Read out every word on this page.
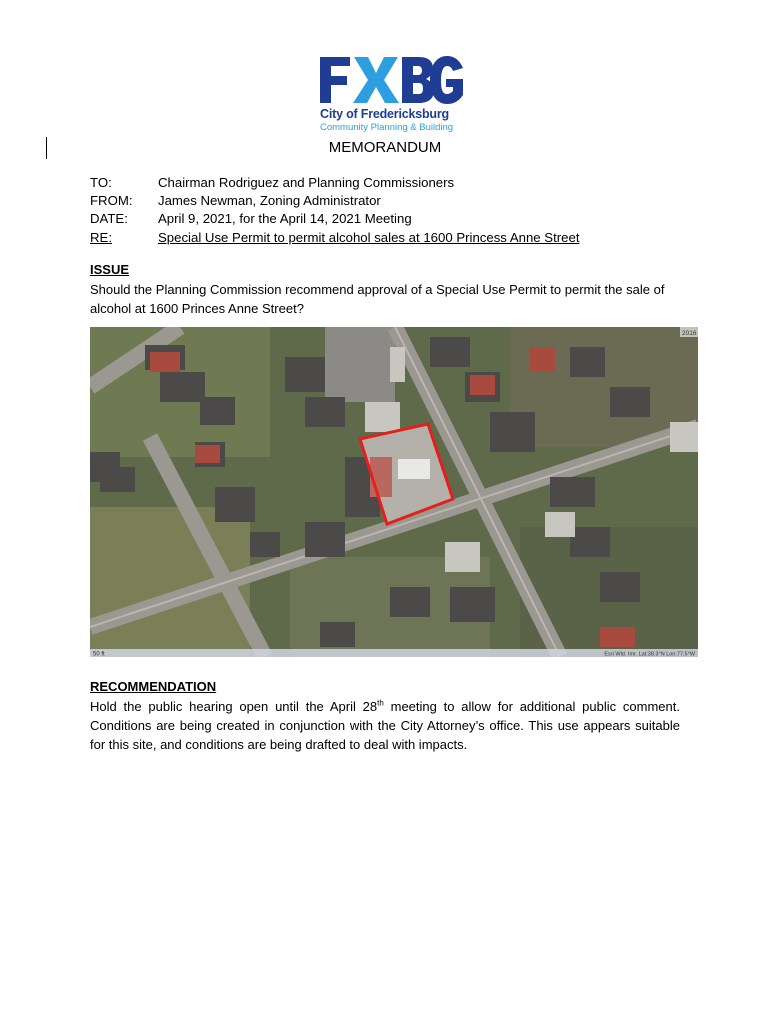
City of Fredericksburg
Community Planning & Building
MEMORANDUM
TO:	Chairman Rodriguez and Planning Commissioners
FROM: James Newman, Zoning Administrator
DATE: April 9, 2021, for the April 14, 2021 Meeting
RE:	Special Use Permit to permit alcohol sales at 1600 Princess Anne Street
ISSUE
Should the Planning Commission recommend approval of a Special Use Permit to permit the sale of alcohol at 1600 Princes Anne Street?
2016
50 ft	Esri Wld. Imr. Lat:38.3°N Lon:77.5°W
RECOMMENDATION
Hold the public hearing open until the April 28th meeting to allow for additional public comment. Conditions are being created in conjunction with the City Attorney’s office. This use appears suitable for this site, and conditions are being drafted to deal with impacts.
